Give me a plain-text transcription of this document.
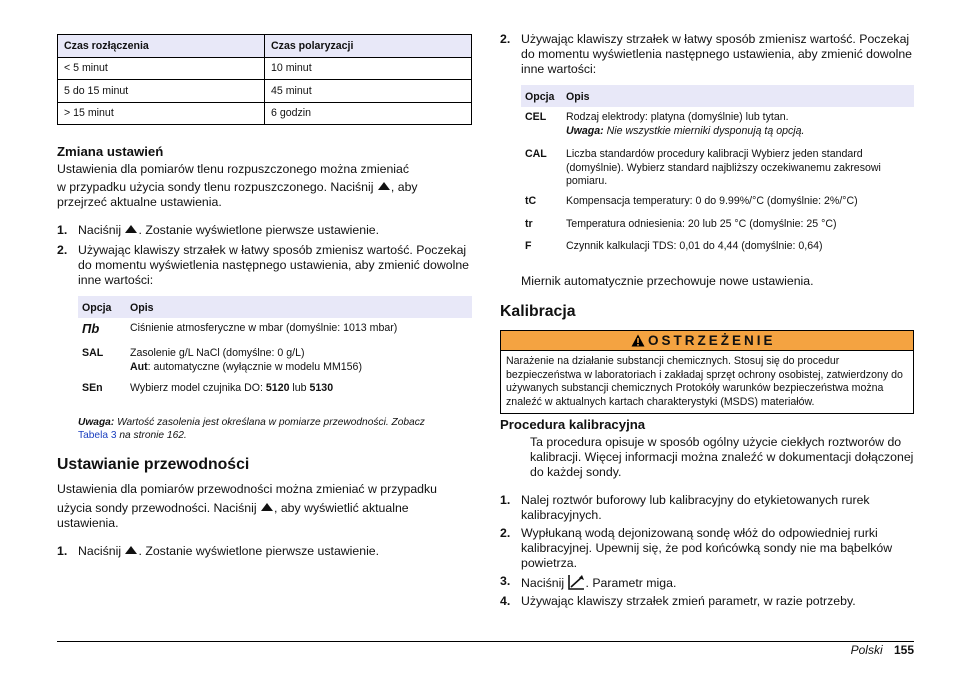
Czas rozłączenia	Czas polaryzacji
< 5 minut	10 minut
5 do 15 minut	45 minut
> 15 minut	6 godzin
Zmiana ustawień
Ustawienia dla pomiarów tlenu rozpuszczonego można zmieniać
w przypadku użycia sondy tlenu rozpuszczonego. Naciśnij , aby
przejrzeć aktualne ustawienia.
1. Naciśnij . Zostanie wyświetlone pierwsze ustawienie.
2. Używając klawiszy strzałek w łatwy sposób zmienisz wartość. Poczekaj do momentu wyświetlenia następnego ustawienia, aby zmienić dowolne inne wartości:
Opcja Opis
Пb	Ciśnienie atmosferyczne w mbar (domyślnie: 1013 mbar)
SAL	Zasolenie g/L NaCl (domyślne: 0 g/L)
Aut: automatyczne (wyłącznie w modelu MM156)
SEn	Wybierz model czujnika DO: 5120 lub 5130
Uwaga: Wartość zasolenia jest określana w pomiarze przewodności. Zobacz
Tabela 3 na stronie 162.
Ustawianie przewodności
Ustawienia dla pomiarów przewodności można zmieniać w przypadku
użycia sondy przewodności. Naciśnij , aby wyświetlić aktualne
ustawienia.
1. Naciśnij . Zostanie wyświetlone pierwsze ustawienie.
2. Używając klawiszy strzałek w łatwy sposób zmienisz wartość. Poczekaj do momentu wyświetlenia następnego ustawienia, aby zmienić dowolne inne wartości:
Opcja Opis
CEL Rodzaj elektrody: platyna (domyślnie) lub tytan.
Uwaga: Nie wszystkie mierniki dysponują tą opcją.
CAL Liczba standardów procedury kalibracji Wybierz jeden standard (domyślnie). Wybierz standard najbliższy oczekiwanemu zakresowi pomiaru.
tC	Kompensacja temperatury: 0 do 9.99%/°C (domyślnie: 2%/°C)
tr	Temperatura odniesienia: 20 lub 25 °C (domyślnie: 25 °C)
F	Czynnik kalkulacji TDS: 0,01 do 4,44 (domyślnie: 0,64)
Miernik automatycznie przechowuje nowe ustawienia.
Kalibracja
OSTRZEŻENIE
Narażenie na działanie substancji chemicznych. Stosuj się do procedur bezpieczeństwa w laboratoriach i zakładaj sprzęt ochrony osobistej, zatwierdzony do używanych substancji chemicznych Protokóły warunków bezpieczeństwa można znaleźć w aktualnych kartach charakterystyki (MSDS) materiałów.
Procedura kalibracyjna
Ta procedura opisuje w sposób ogólny użycie ciekłych roztworów do kalibracji. Więcej informacji można znaleźć w dokumentacji dołączonej do każdej sondy.
1. Nalej roztwór buforowy lub kalibracyjny do etykietowanych rurek kalibracyjnych.
2. Wypłukaną wodą dejonizowaną sondę włóż do odpowiedniej rurki kalibracyjnej. Upewnij się, że pod końcówką sondy nie ma bąbelków powietrza.
3. Naciśnij . Parametr miga.
4. Używając klawiszy strzałek zmień parametr, w razie potrzeby.
Polski 155
